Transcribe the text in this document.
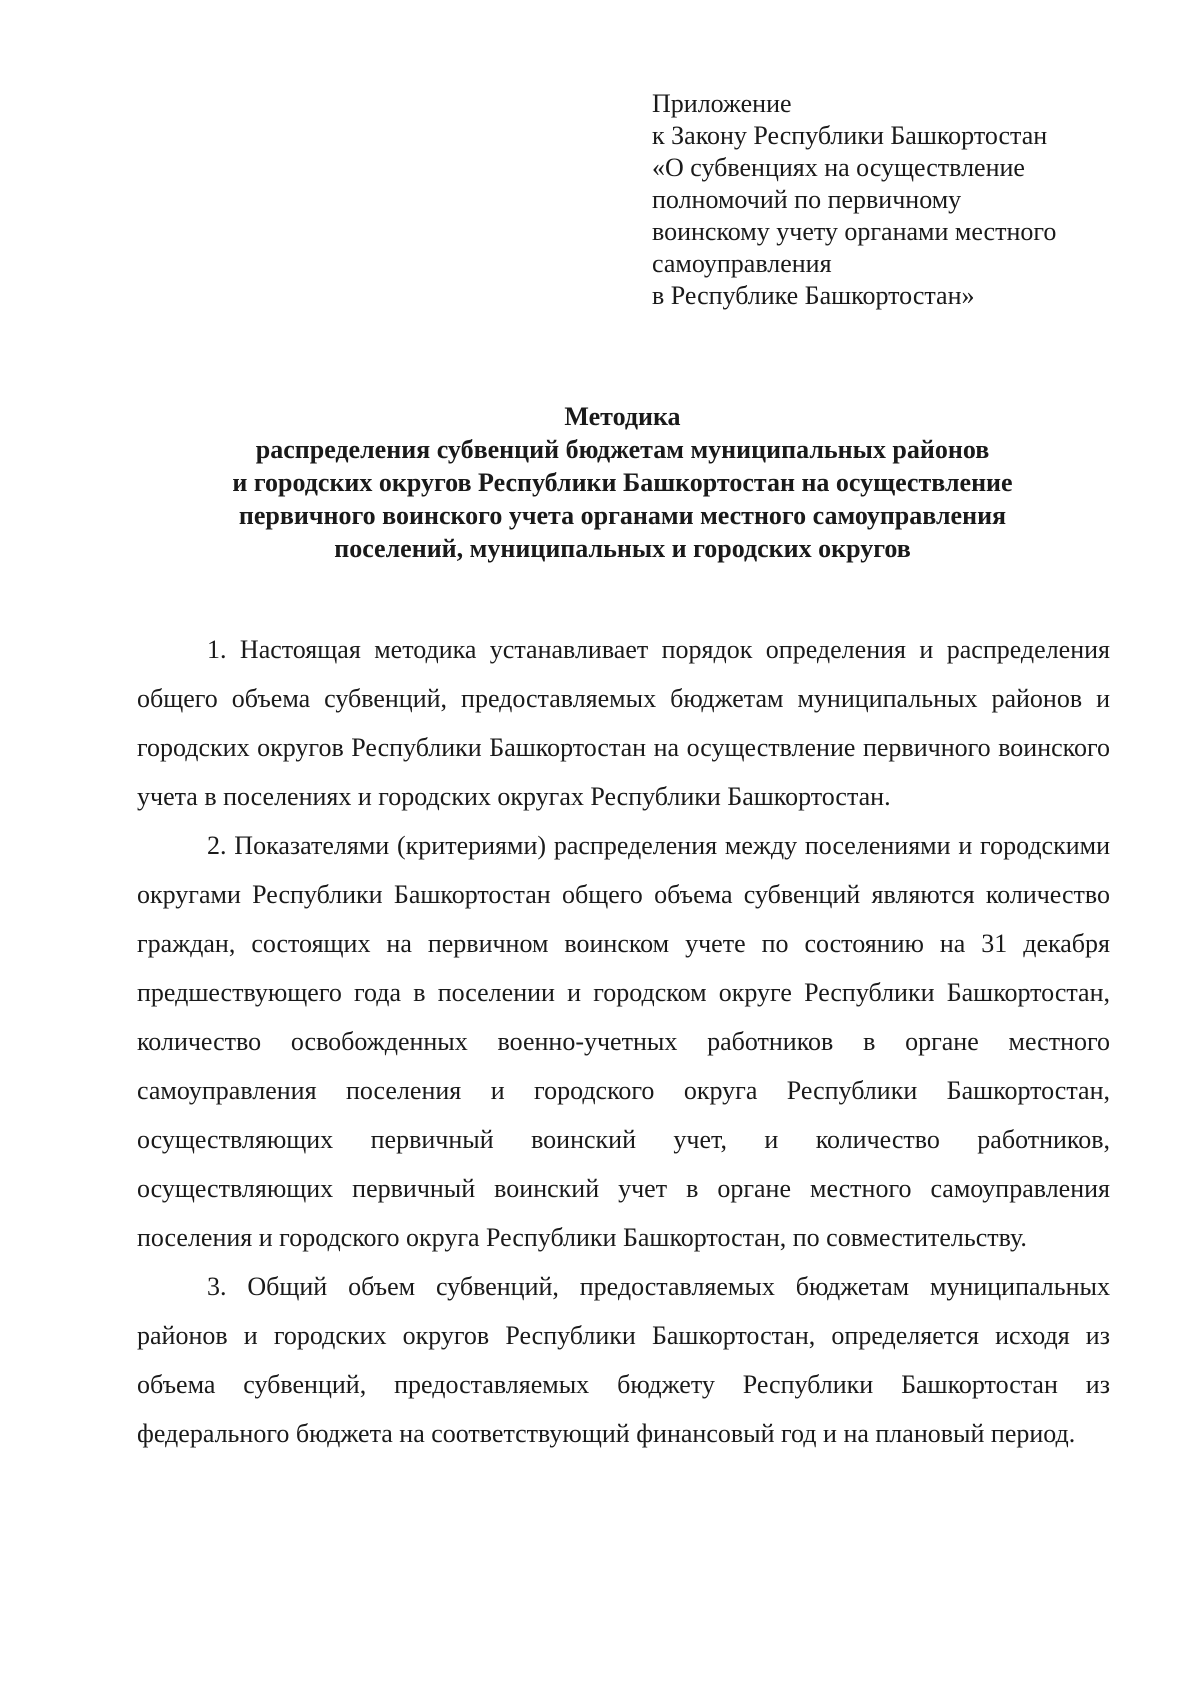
Приложение
к Закону Республики Башкортостан
«О субвенциях на осуществление
полномочий по первичному
воинскому учету органами местного
самоуправления
в Республике Башкортостан»
Методика
распределения субвенций бюджетам муниципальных районов
и городских округов Республики Башкортостан на осуществление
первичного воинского учета органами местного самоуправления
поселений, муниципальных и городских округов

1. Настоящая методика устанавливает порядок определения и распределения общего объема субвенций, предоставляемых бюджетам муниципальных районов и городских округов Республики Башкортостан на осуществление первичного воинского учета в поселениях и городских округах Республики Башкортостан.

2. Показателями (критериями) распределения между поселениями и городскими округами Республики Башкортостан общего объема субвенций являются количество граждан, состоящих на первичном воинском учете по состоянию на 31 декабря предшествующего года в поселении и городском округе Республики Башкортостан, количество освобожденных военно-учетных работников в органе местного самоуправления поселения и городского округа Республики Башкортостан, осуществляющих первичный воинский учет, и количество работников, осуществляющих первичный воинский учет в органе местного самоуправления поселения и городского округа Республики Башкортостан, по совместительству.

3. Общий объем субвенций, предоставляемых бюджетам муниципальных районов и городских округов Республики Башкортостан, определяется исходя из объема субвенций, предоставляемых бюджету Республики Башкортостан из федерального бюджета на соответствующий финансовый год и на плановый период.
